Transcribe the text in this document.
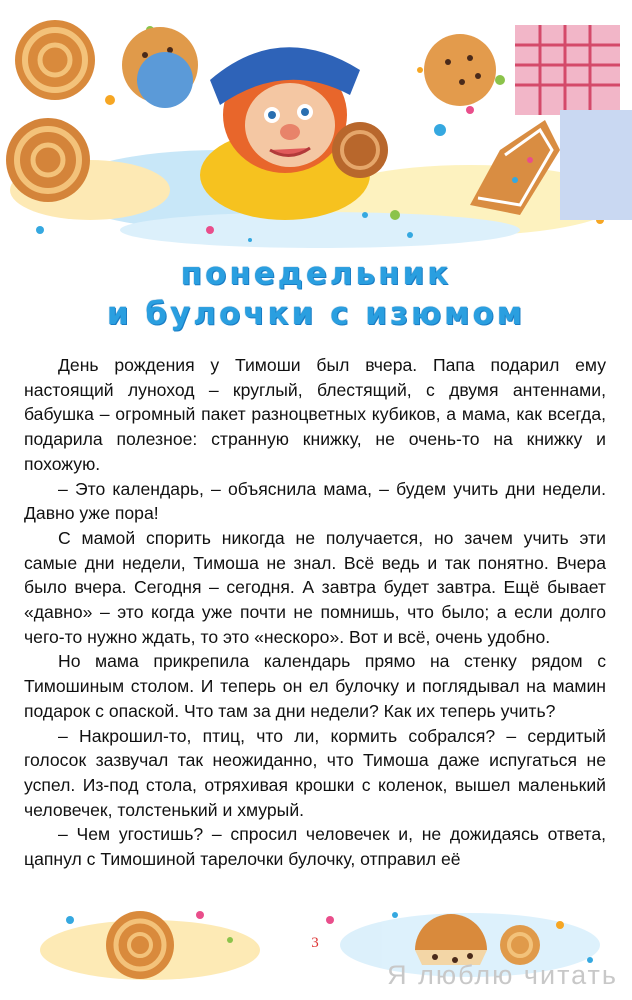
понедельник
и булочки с изюмом

День рождения у Тимоши был вчера. Папа подарил ему настоящий луноход – круглый, блестящий, с двумя антеннами, бабушка – огромный пакет разноцветных кубиков, а мама, как всегда, подарила полезное: странную книжку, не очень-то на книжку и похожую.

– Это календарь, – объяснила мама, – будем учить дни недели. Давно уже пора!

С мамой спорить никогда не получается, но зачем учить эти самые дни недели, Тимоша не знал. Всё ведь и так понятно. Вчера было вчера. Сегодня – сегодня. А завтра будет завтра. Ещё бывает «давно» – это когда уже почти не помнишь, что было; а если долго чего-то нужно ждать, то это «нескоро». Вот и всё, очень удобно.

Но мама прикрепила календарь прямо на стенку рядом с Тимошиным столом. И теперь он ел булочку и поглядывал на мамин подарок с опаской. Что там за дни недели? Как их теперь учить?

– Накрошил-то, птиц, что ли, кормить собрался? – сердитый голосок зазвучал так неожиданно, что Тимоша даже испугаться не успел. Из-под стола, отряхивая крошки с коленок, вышел маленький человечек, толстенький и хмурый.

– Чем угостишь? – спросил человечек и, не дожидаясь ответа, цапнул с Тимошиной тарелочки булочку, отправил её

3
Я люблю читать
